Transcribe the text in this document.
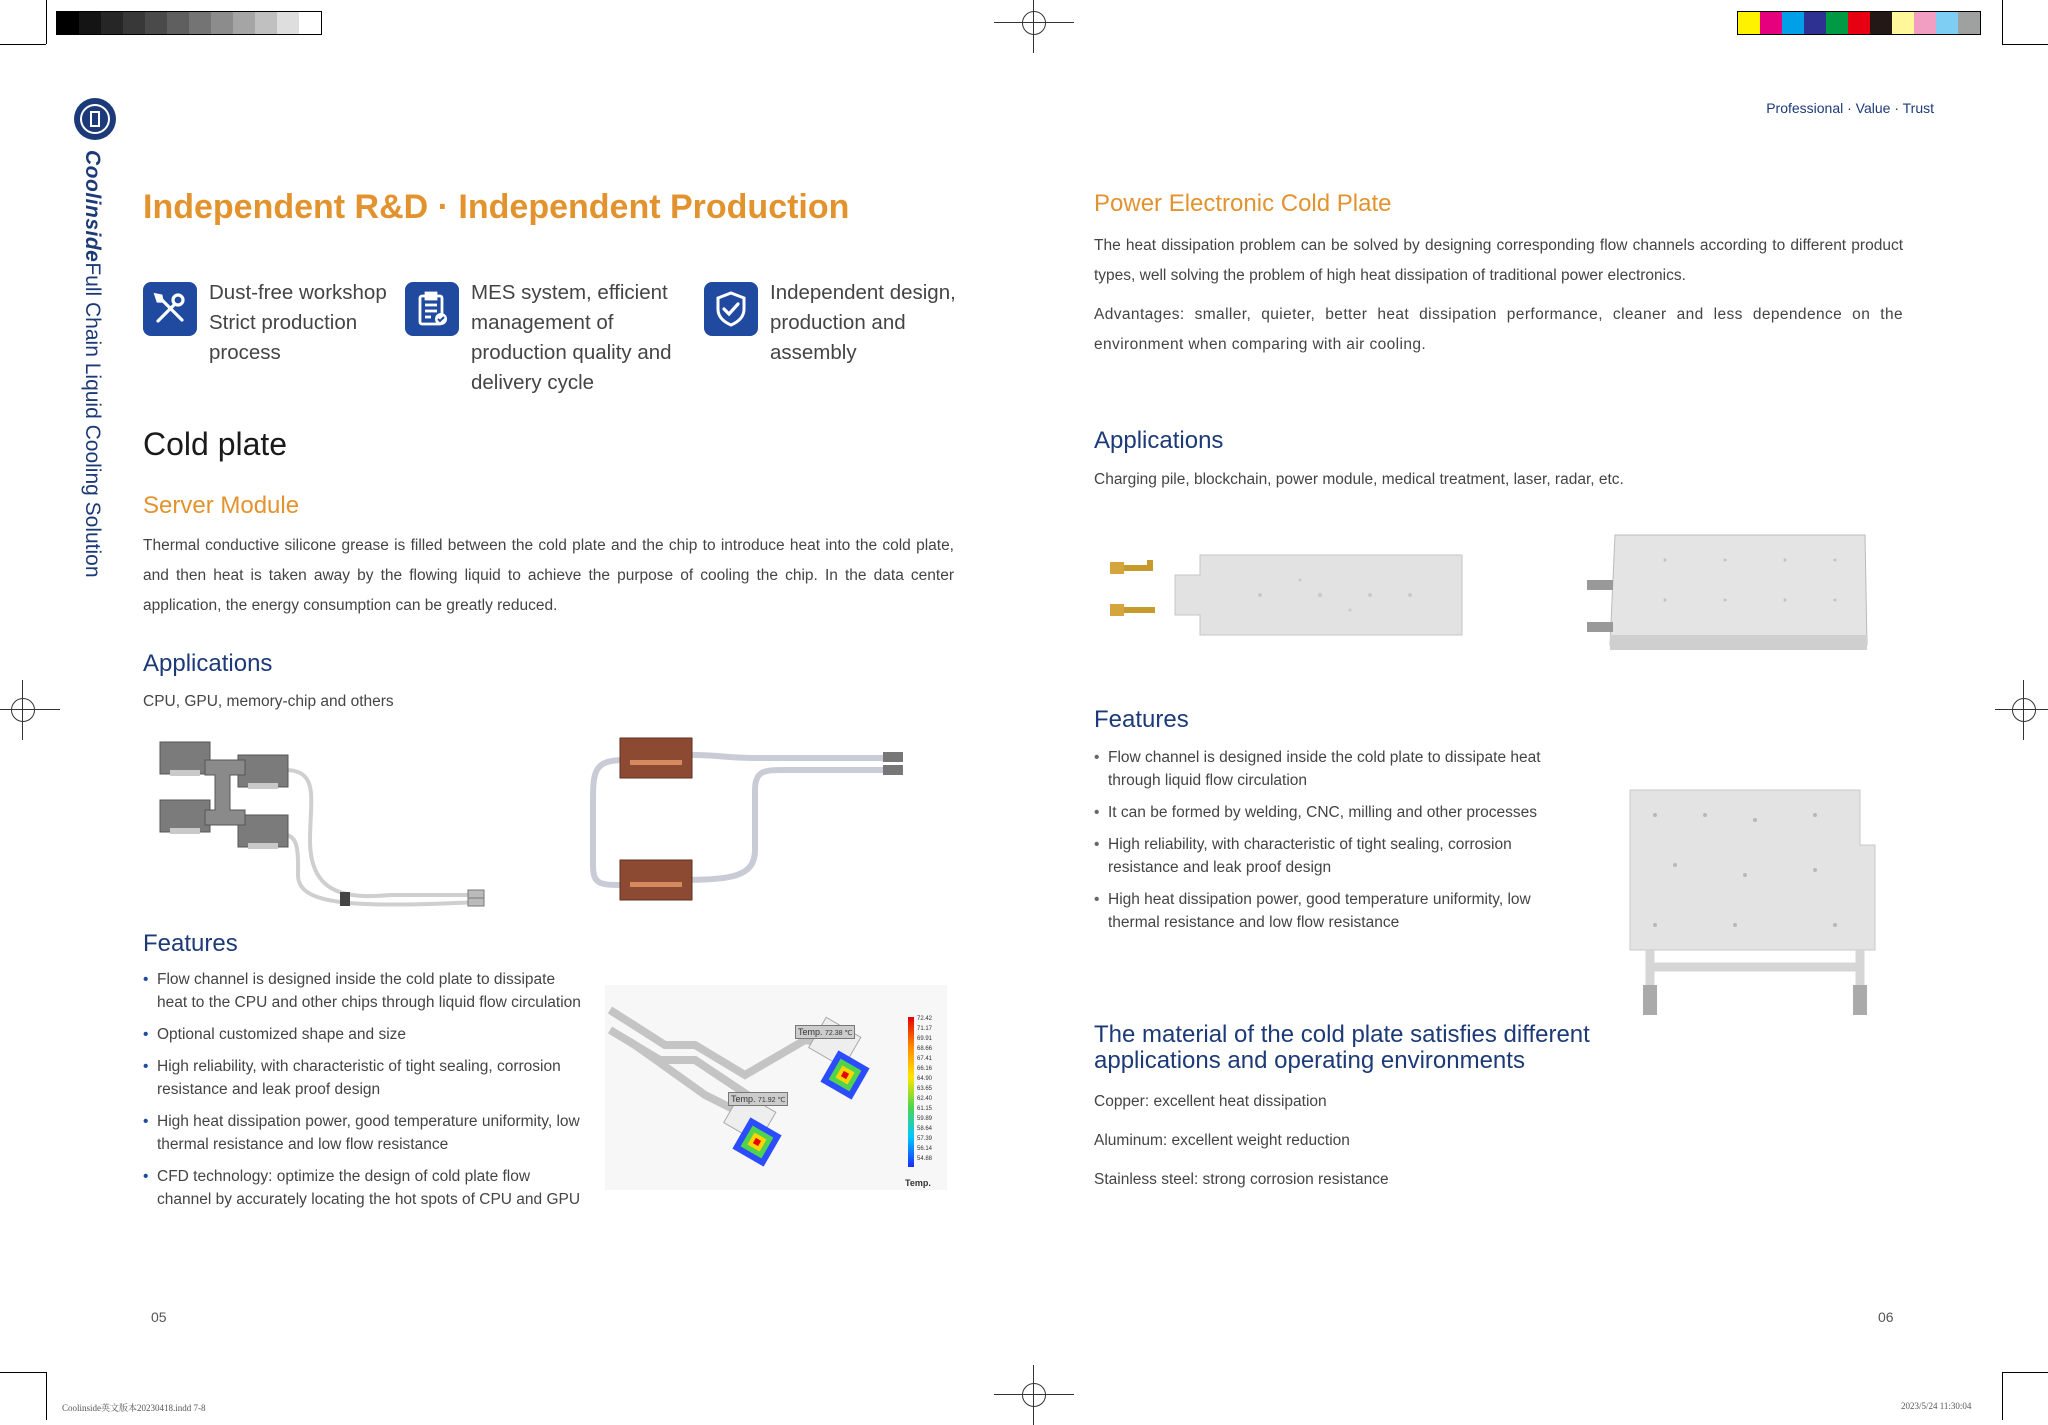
CoolinsideFull Chain Liquid Cooling Solution
Professional · Value · Trust
Independent R&D · Independent Production
Dust-free workshop
Strict production
process
MES system, efficient
management of
production quality and
delivery cycle
Independent design,
production and
assembly
Cold plate
Server Module
Thermal conductive silicone grease is filled between the cold plate and the chip to introduce heat into the cold plate, and then heat is taken away by the flowing liquid to achieve the purpose of cooling the chip. In the data center application, the energy consumption can be greatly reduced.
Applications
CPU, GPU, memory-chip and others
Features
• Flow channel is designed inside the cold plate to dissipate heat to the CPU and other chips through liquid flow circulation
• Optional customized shape and size
• High reliability, with characteristic of tight sealing, corrosion resistance and leak proof design
• High heat dissipation power, good temperature uniformity, low thermal resistance and low flow resistance
• CFD technology: optimize the design of cold plate flow channel by accurately locating the hot spots of CPU and GPU
Temp. 72.38 ℃
Temp. 71.92 ℃
72.42
71.17
69.91
68.66
67.41
66.16
64.90
63.65
62.40
61.15
59.89
58.64
57.39
56.14
54.88
Temp.
05
Power Electronic Cold Plate
The heat dissipation problem can be solved by designing corresponding flow channels according to different product types, well solving the problem of high heat dissipation of traditional power electronics.
Advantages: smaller, quieter, better heat dissipation performance, cleaner and less dependence on the environment when comparing with air cooling.
Applications
Charging pile, blockchain, power module, medical treatment, laser, radar, etc.
Features
• Flow channel is designed inside the cold plate to dissipate heat through liquid flow circulation
• It can be formed by welding, CNC, milling and other processes
• High reliability, with characteristic of tight sealing, corrosion resistance and leak proof design
• High heat dissipation power, good temperature uniformity, low thermal resistance and low flow resistance
The material of the cold plate satisfies different applications and operating environments
Copper: excellent heat dissipation
Aluminum: excellent weight reduction
Stainless steel: strong corrosion resistance
06
Coolinside英文版本20230418.indd 7-8	2023/5/24 11:30:04
